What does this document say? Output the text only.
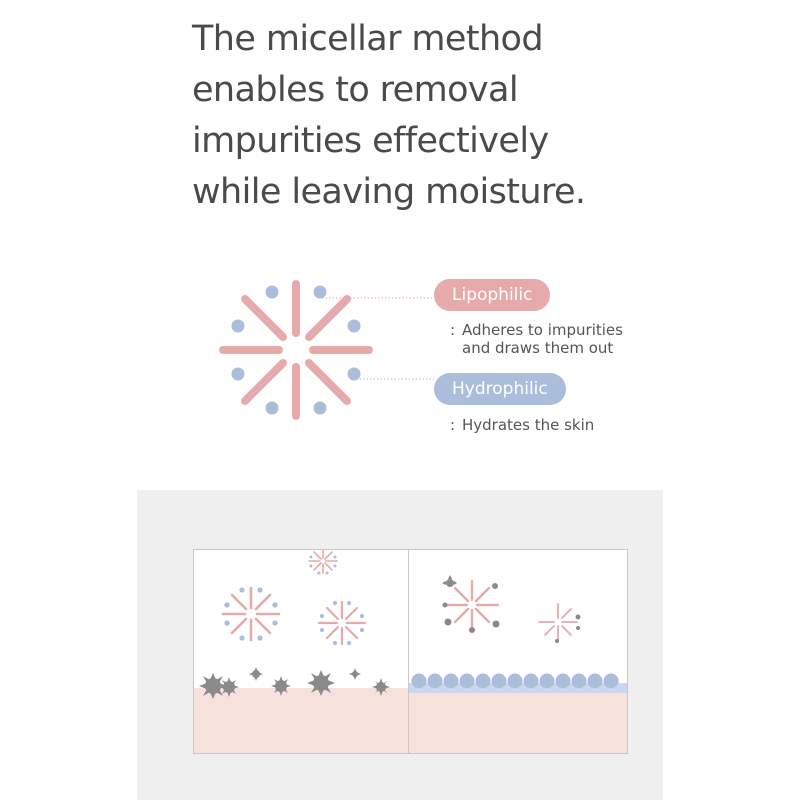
The micellar method
enables to removal
impurities effectively
while leaving moisture.
Lipophilic
: Adheres to impurities
and draws them out
Hydrophilic
: Hydrates the skin
